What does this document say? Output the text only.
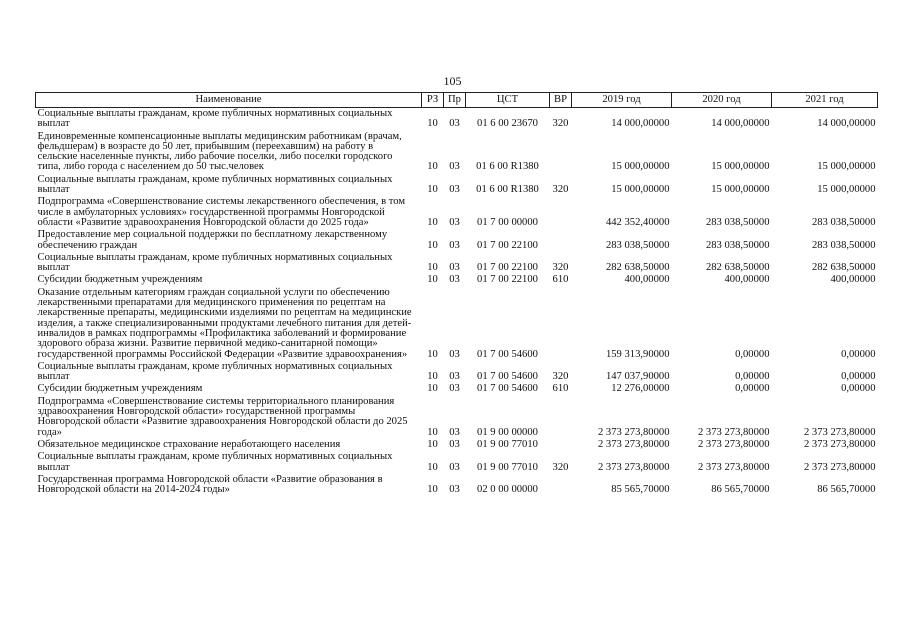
105
Наименование	РЗ	Пр	ЦСТ	ВР	2019 год	2020 год	2021 год
Социальные выплаты гражданам, кроме публичных нормативных социальных выплат	10	03	01 6 00 23670	320	14 000,00000	14 000,00000	14 000,00000
Единовременные компенсационные выплаты медицинским работникам (врачам, фельдшерам) в возрасте до 50 лет, прибывшим (переехавшим) на работу в сельские населенные пункты, либо рабочие поселки, либо поселки городского типа, либо города с населением до 50 тыс.человек	10	03	01 6 00 R1380		15 000,00000	15 000,00000	15 000,00000
Социальные выплаты гражданам, кроме публичных нормативных социальных выплат	10	03	01 6 00 R1380	320	15 000,00000	15 000,00000	15 000,00000
Подпрограмма «Совершенствование системы лекарственного обеспечения, в том числе в амбулаторных условиях» государственной программы Новгородской области «Развитие здравоохранения Новгородской области до 2025 года»	10	03	01 7 00 00000		442 352,40000	283 038,50000	283 038,50000
Предоставление мер социальной поддержки по бесплатному лекарственному обеспечению граждан	10	03	01 7 00 22100		283 038,50000	283 038,50000	283 038,50000
Социальные выплаты гражданам, кроме публичных нормативных социальных выплат	10	03	01 7 00 22100	320	282 638,50000	282 638,50000	282 638,50000
Субсидии бюджетным учреждениям	10	03	01 7 00 22100	610	400,00000	400,00000	400,00000
Оказание отдельным категориям граждан социальной услуги по обеспечению лекарственными препаратами для медицинского применения по рецептам на лекарственные препараты, медицинскими изделиями по рецептам на медицинские изделия, а также специализированными продуктами лечебного питания для детей-инвалидов в рамках подпрограммы «Профилактика заболеваний и формирование здорового образа жизни. Развитие первичной медико-санитарной помощи» государственной программы Российской Федерации «Развитие здравоохранения»	10	03	01 7 00 54600		159 313,90000	0,00000	0,00000
Социальные выплаты гражданам, кроме публичных нормативных социальных выплат	10	03	01 7 00 54600	320	147 037,90000	0,00000	0,00000
Субсидии бюджетным учреждениям	10	03	01 7 00 54600	610	12 276,00000	0,00000	0,00000
Подпрограмма «Совершенствование системы территориального планирования здравоохранения Новгородской области» государственной программы Новгородской области «Развитие здравоохранения Новгородской области до 2025 года»	10	03	01 9 00 00000		2 373 273,80000	2 373 273,80000	2 373 273,80000
Обязательное медицинское страхование неработающего населения	10	03	01 9 00 77010		2 373 273,80000	2 373 273,80000	2 373 273,80000
Социальные выплаты гражданам, кроме публичных нормативных социальных выплат	10	03	01 9 00 77010	320	2 373 273,80000	2 373 273,80000	2 373 273,80000
Государственная программа Новгородской области «Развитие образования в Новгородской области на 2014-2024 годы»	10	03	02 0 00 00000		85 565,70000	86 565,70000	86 565,70000
